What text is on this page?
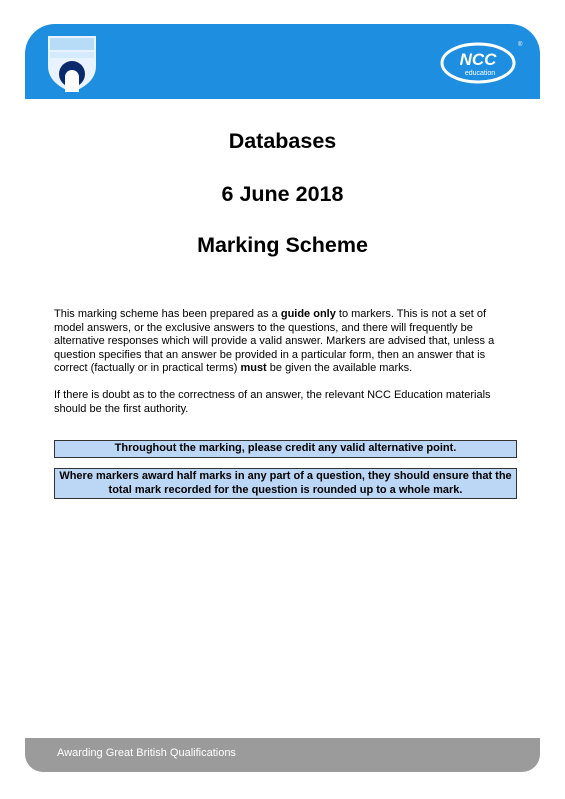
NCC
education
®
Databases
6 June 2018
Marking Scheme

This marking scheme has been prepared as a guide only to markers. This is not a set of model answers, or the exclusive answers to the questions, and there will frequently be alternative responses which will provide a valid answer. Markers are advised that, unless a question specifies that an answer be provided in a particular form, then an answer that is correct (factually or in practical terms) must be given the available marks.

If there is doubt as to the correctness of an answer, the relevant NCC Education materials should be the first authority.

Throughout the marking, please credit any valid alternative point.
Where markers award half marks in any part of a question, they should ensure that the total mark recorded for the question is rounded up to a whole mark.
Awarding Great British Qualifications
